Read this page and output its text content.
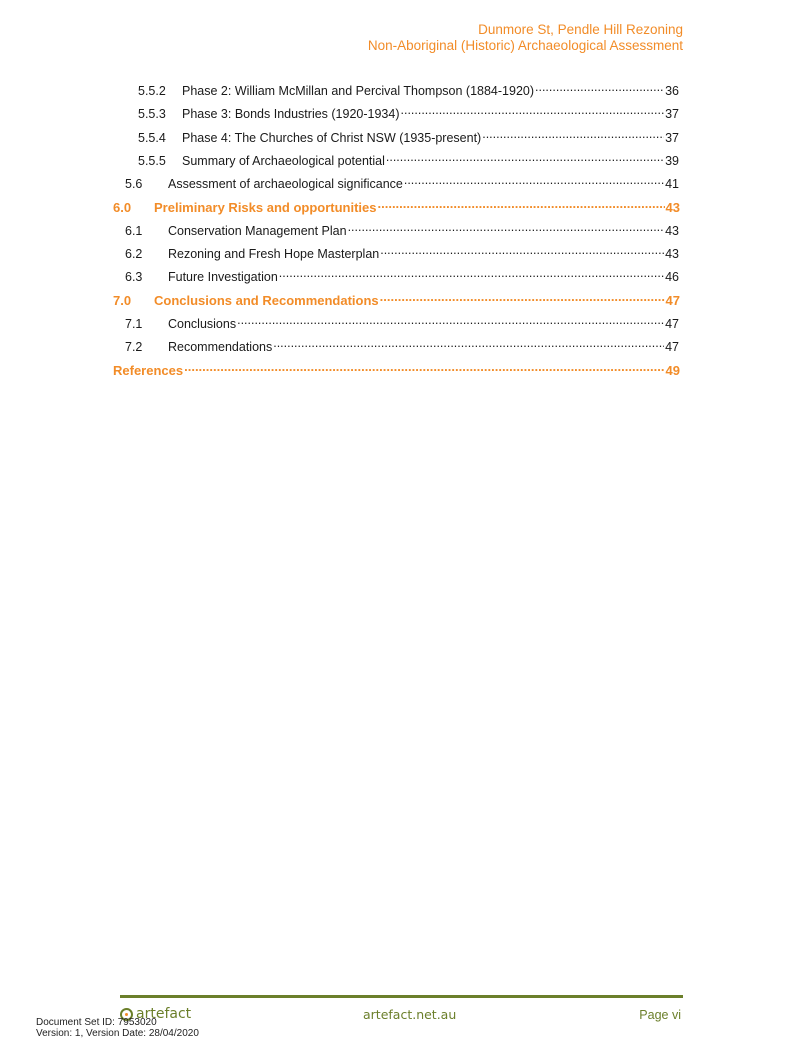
Dunmore St, Pendle Hill Rezoning
Non-Aboriginal (Historic) Archaeological Assessment
5.5.2	Phase 2: William McMillan and Percival Thompson (1884-1920) .....	36
5.5.3	Phase 3: Bonds Industries (1920-1934) .....	37
5.5.4	Phase 4: The Churches of Christ NSW (1935-present) .....	37
5.5.5	Summary of Archaeological potential .....	39
5.6	Assessment of archaeological significance .....	41
6.0	Preliminary Risks and opportunities .....	43
6.1	Conservation Management Plan .....	43
6.2	Rezoning and Fresh Hope Masterplan .....	43
6.3	Future Investigation .....	46
7.0	Conclusions and Recommendations .....	47
7.1	Conclusions .....	47
7.2	Recommendations .....	47
References .....	49
artefact	artefact.net.au	Page vi
Document Set ID: 7953020
Version: 1, Version Date: 28/04/2020
